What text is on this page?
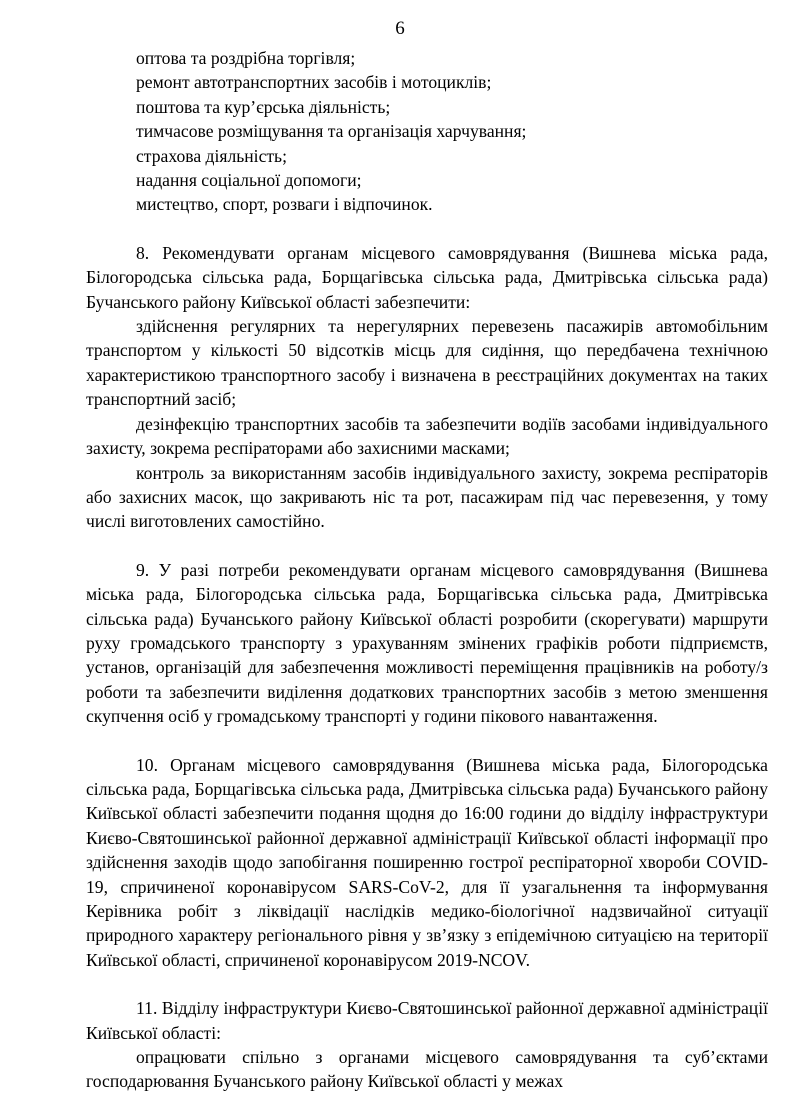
6
оптова та роздрібна торгівля;
ремонт автотранспортних засобів і мотоциклів;
поштова та кур’єрська діяльність;
тимчасове розміщування та організація харчування;
страхова діяльність;
надання соціальної допомоги;
мистецтво, спорт, розваги і відпочинок.
8. Рекомендувати органам місцевого самоврядування (Вишнева міська рада, Білогородська сільська рада, Борщагівська сільська рада, Дмитрівська сільська рада) Бучанського району Київської області забезпечити:
здійснення регулярних та нерегулярних перевезень пасажирів автомобільним транспортом у кількості 50 відсотків місць для сидіння, що передбачена технічною характеристикою транспортного засобу і визначена в реєстраційних документах на таких транспортний засіб;
дезінфекцію транспортних засобів та забезпечити водіїв засобами індивідуального захисту, зокрема респіраторами або захисними масками;
контроль за використанням засобів індивідуального захисту, зокрема респіраторів або захисних масок, що закривають ніс та рот, пасажирам під час перевезення, у тому числі виготовлених самостійно.
9. У разі потреби рекомендувати органам місцевого самоврядування (Вишнева міська рада, Білогородська сільська рада, Борщагівська сільська рада, Дмитрівська сільська рада) Бучанського району Київської області розробити (скорегувати) маршрути руху громадського транспорту з урахуванням змінених графіків роботи підприємств, установ, організацій для забезпечення можливості переміщення працівників на роботу/з роботи та забезпечити виділення додаткових транспортних засобів з метою зменшення скупчення осіб у громадському транспорті у години пікового навантаження.
10. Органам місцевого самоврядування (Вишнева міська рада, Білогородська сільська рада, Борщагівська сільська рада, Дмитрівська сільська рада) Бучанського району Київської області забезпечити подання щодня до 16:00 години до відділу інфраструктури Києво-Святошинської районної державної адміністрації Київської області інформації про здійснення заходів щодо запобігання поширенню гострої респіраторної хвороби COVID-19, спричиненої коронавірусом SARS-CoV-2, для її узагальнення та інформування Керівника робіт з ліквідації наслідків медико-біологічної надзвичайної ситуації природного характеру регіонального рівня у зв’язку з епідемічною ситуацією на території Київської області, спричиненої коронавірусом 2019-NCOV.
11. Відділу інфраструктури Києво-Святошинської районної державної адміністрації Київської області:
опрацювати спільно з органами місцевого самоврядування та суб’єктами господарювання Бучанського району Київської області у межах
